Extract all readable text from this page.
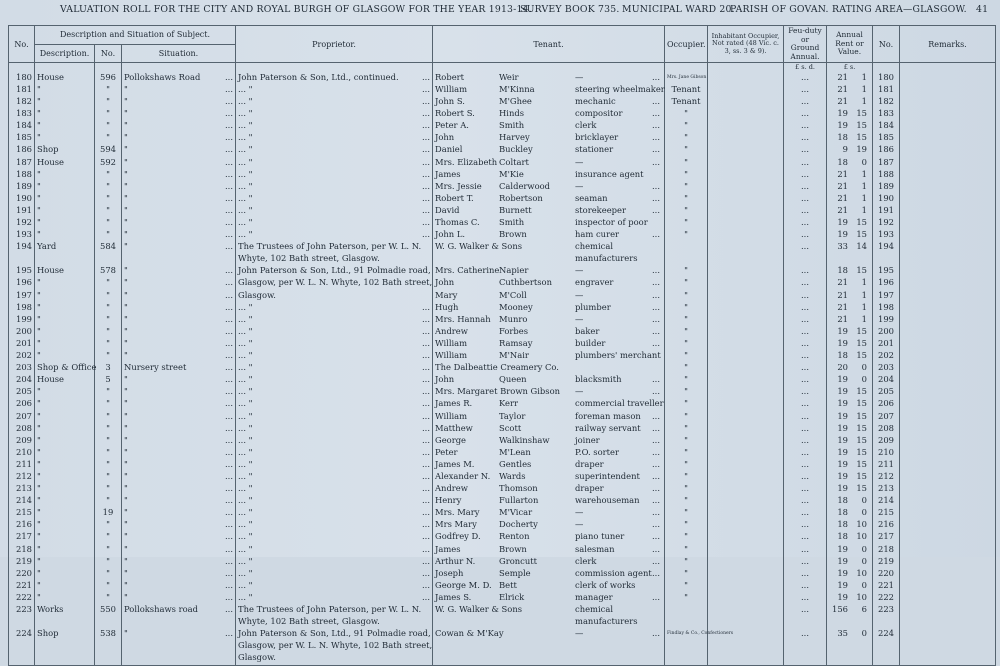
VALUATION ROLL FOR THE CITY AND ROYAL BURGH OF GLASGOW FOR THE YEAR 1913-14.
SURVEY BOOK 735. MUNICIPAL WARD 20.
PARISH OF GOVAN. RATING AREA—GLASGOW. 41
No.	Description and Situation of Subject.			Proprietor.	Tenant.	Occupier.	Inhabitant Occupier, Not rated (48 Vic. c. 3, ss. 3 & 9).	Feu-duty or Ground Annual.	Annual Rent or Value.	No.	Remarks.
	Description.	No.	Situation.								
								£ s. d.	£ s.		
180	House	596	Pollokshaws Road ...	John Paterson & Son, Ltd., continued. ...	Robert Weir — ...	Mrs. Jane Gibson		...	21 1	180	
181	"	"	" ...	... " ...	William M'Kinna steering wheelmaker	Tenant		...	21 1	181	
182	"	"	" ...	... " ...	John S. M'Ghee mechanic ...	Tenant		...	21 1	182	
183	"	"	" ...	... " ...	Robert S. Hinds compositor ...	"		...	19 15	183	
184	"	"	" ...	... " ...	Peter A. Smith clerk ...	"		...	19 15	184	
185	"	"	" ...	... " ...	John Harvey bricklayer ...	"		...	18 15	185	
186	Shop	594	" ...	... " ...	Daniel Buckley stationer ...	"		...	9 19	186	
187	House	592	" ...	... " ...	Mrs. Elizabeth Coltart — ...	"		...	18 0	187	
188	"	"	" ...	... " ...	James M'Kie insurance agent	"		...	21 1	188	
189	"	"	" ...	... " ...	Mrs. Jessie Calderwood — ...	"		...	21 1	189	
190	"	"	" ...	... " ...	Robert T. Robertson seaman ...	"		...	21 1	190	
191	"	"	" ...	... " ...	David Burnett storekeeper ...	"		...	21 1	191	
192	"	"	" ...	... " ...	Thomas C. Smith inspector of poor	"		...	19 15	192	
193	"	"	" ...	... " ...	John L. Brown ham curer ...	"		...	19 15	193	
194	Yard	584	" ...	The Trustees of John Paterson, per W. L. N.	W. G. Walker & Sons chemical			...	33 14	194	

				Whyte, 102 Bath street, Glasgow.	manufacturers						

195	House	578	" ...	John Paterson & Son, Ltd., 91 Polmadie road,	Mrs. Catherine Napier — ...	"		...	18 15	195	
196	"	"	" ...	Glasgow, per W. L. N. Whyte, 102 Bath street,	John Cuthbertson engraver ...	"		...	21 1	196	
197	"	"	" ...	Glasgow.	Mary M'Coll — ...	"		...	21 1	197	
198	"	"	" ...	... " ...	Hugh Mooney plumber ...	"		...	21 1	198	
199	"	"	" ...	... " ...	Mrs. Hannah Munro — ...	"		...	21 1	199	
200	"	"	" ...	... " ...	Andrew Forbes baker ...	"		...	19 15	200	
201	"	"	" ...	... " ...	William Ramsay builder ...	"		...	19 15	201	
202	"	"	" ...	... " ...	William M'Nair plumbers' merchant	"		...	18 15	202	
203	Shop & Office	3	Nursery street ...	... " ...	The Dalbeattie Creamery Co.	"		...	20 0	203	
204	House	5	" ...	... " ...	John Queen blacksmith ...	"		...	19 0	204	
205	"	"	" ...	... " ...	Mrs. Margaret Brown Gibson — ...	"		...	19 15	205	
206	"	"	" ...	... " ...	James R. Kerr commercial traveller	"		...	19 15	206	
207	"	"	" ...	... " ...	William Taylor foreman mason ...	"		...	19 15	207	
208	"	"	" ...	... " ...	Matthew Scott railway servant ...	"		...	19 15	208	
209	"	"	" ...	... " ...	George Walkinshaw joiner ...	"		...	19 15	209	
210	"	"	" ...	... " ...	Peter M'Lean P.O. sorter ...	"		...	19 15	210	
211	"	"	" ...	... " ...	James M. Gentles draper ...	"		...	19 15	211	
212	"	"	" ...	... " ...	Alexander N. Wards superintendent ...	"		...	19 15	212	
213	"	"	" ...	... " ...	Andrew Thomson draper ...	"		...	19 15	213	
214	"	"	" ...	... " ...	Henry Fullarton warehouseman ...	"		...	18 0	214	
215	"	19	" ...	... " ...	Mrs. Mary M'Vicar — ...	"		...	18 0	215	
216	"	"	" ...	... " ...	Mrs Mary Docherty — ...	"		...	18 10	216	
217	"	"	" ...	... " ...	Godfrey D. Renton piano tuner ...	"		...	18 10	217	
218	"	"	" ...	... " ...	James Brown salesman ...	"		...	19 0	218	
219	"	"	" ...	... " ...	Arthur N. Groncutt clerk ...	"		...	19 0	219	
220	"	"	" ...	... " ...	Joseph Semple commission agent ...	"		...	19 10	220	
221	"	"	" ...	... " ...	George M. D. Bett clerk of works	"		...	19 0	221	
222	"	"	" ...	... " ...	James S. Elrick manager ...	"		...	19 10	222	
223	Works	550	Pollokshaws road ...	The Trustees of John Paterson, per W. L. N.	W. G. Walker & Sons chemical			...	156 6	223	

				Whyte, 102 Bath street, Glasgow.	manufacturers						

224	Shop	538	" ...	John Paterson & Son, Ltd., 91 Polmadie road,	Cowan & M'Kay — ...	Findlay & Co., Confectioners		...	35 0	224	

				Glasgow, per W. L. N. Whyte, 102 Bath street,							

				Glasgow.							
